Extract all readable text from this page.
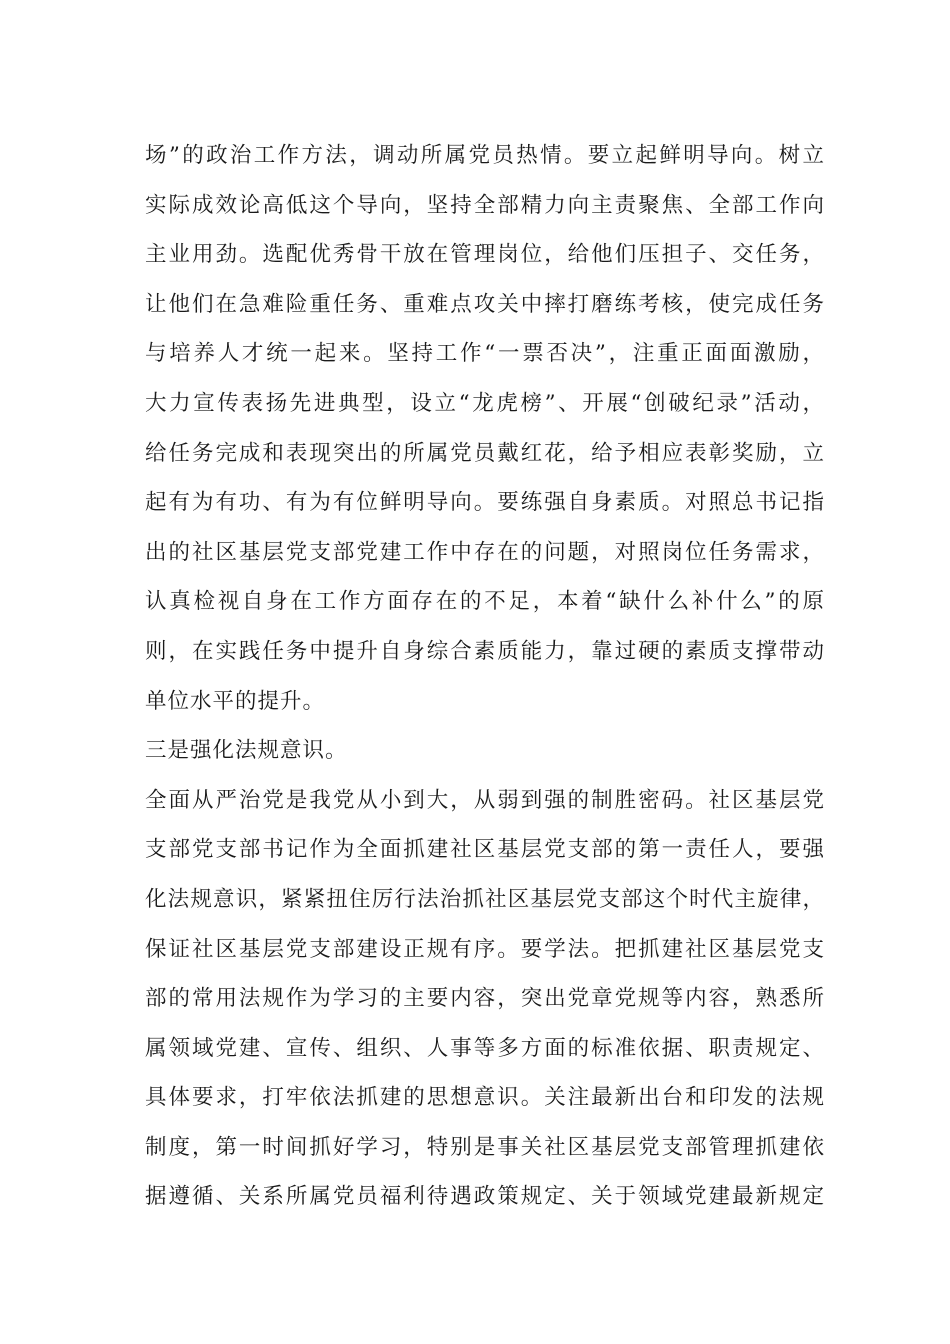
场”的政治工作方法，调动所属党员热情。要立起鲜明导向。树立
实际成效论高低这个导向，坚持全部精力向主责聚焦、全部工作向
主业用劲。选配优秀骨干放在管理岗位，给他们压担子、交任务，
让他们在急难险重任务、重难点攻关中摔打磨练考核，使完成任务
与培养人才统一起来。坚持工作“一票否决”，注重正面面激励，
大力宣传表扬先进典型，设立“龙虎榜”、开展“创破纪录”活动，
给任务完成和表现突出的所属党员戴红花，给予相应表彰奖励，立
起有为有功、有为有位鲜明导向。要练强自身素质。对照总书记指
出的社区基层党支部党建工作中存在的问题，对照岗位任务需求，
认真检视自身在工作方面存在的不足，本着“缺什么补什么”的原
则，在实践任务中提升自身综合素质能力，靠过硬的素质支撑带动
单位水平的提升。
三是强化法规意识。
全面从严治党是我党从小到大，从弱到强的制胜密码。社区基层党
支部党支部书记作为全面抓建社区基层党支部的第一责任人，要强
化法规意识，紧紧扭住厉行法治抓社区基层党支部这个时代主旋律，
保证社区基层党支部建设正规有序。要学法。把抓建社区基层党支
部的常用法规作为学习的主要内容，突出党章党规等内容，熟悉所
属领域党建、宣传、组织、人事等多方面的标准依据、职责规定、
具体要求，打牢依法抓建的思想意识。关注最新出台和印发的法规
制度，第一时间抓好学习，特别是事关社区基层党支部管理抓建依
据遵循、关系所属党员福利待遇政策规定、关于领域党建最新规定
